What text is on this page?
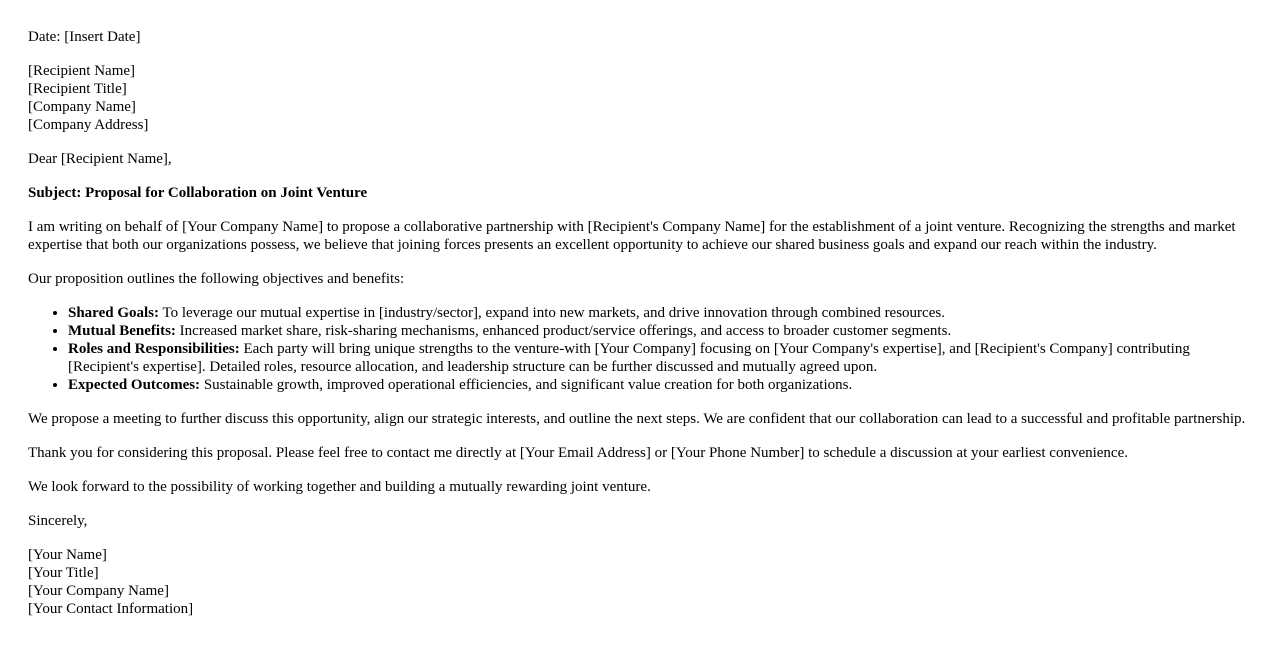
Date: [Insert Date]

[Recipient Name]
[Recipient Title]
[Company Name]
[Company Address]

Dear [Recipient Name],

Subject: Proposal for Collaboration on Joint Venture

I am writing on behalf of [Your Company Name] to propose a collaborative partnership with [Recipient's Company Name] for the establishment of a joint venture. Recognizing the strengths and market expertise that both our organizations possess, we believe that joining forces presents an excellent opportunity to achieve our shared business goals and expand our reach within the industry.

Our proposition outlines the following objectives and benefits:

• Shared Goals: To leverage our mutual expertise in [industry/sector], expand into new markets, and drive innovation through combined resources.
• Mutual Benefits: Increased market share, risk-sharing mechanisms, enhanced product/service offerings, and access to broader customer segments.
• Roles and Responsibilities: Each party will bring unique strengths to the venture-with [Your Company] focusing on [Your Company's expertise], and [Recipient's Company] contributing [Recipient's expertise]. Detailed roles, resource allocation, and leadership structure can be further discussed and mutually agreed upon.
• Expected Outcomes: Sustainable growth, improved operational efficiencies, and significant value creation for both organizations.

We propose a meeting to further discuss this opportunity, align our strategic interests, and outline the next steps. We are confident that our collaboration can lead to a successful and profitable partnership.

Thank you for considering this proposal. Please feel free to contact me directly at [Your Email Address] or [Your Phone Number] to schedule a discussion at your earliest convenience.

We look forward to the possibility of working together and building a mutually rewarding joint venture.

Sincerely,

[Your Name]
[Your Title]
[Your Company Name]
[Your Contact Information]
